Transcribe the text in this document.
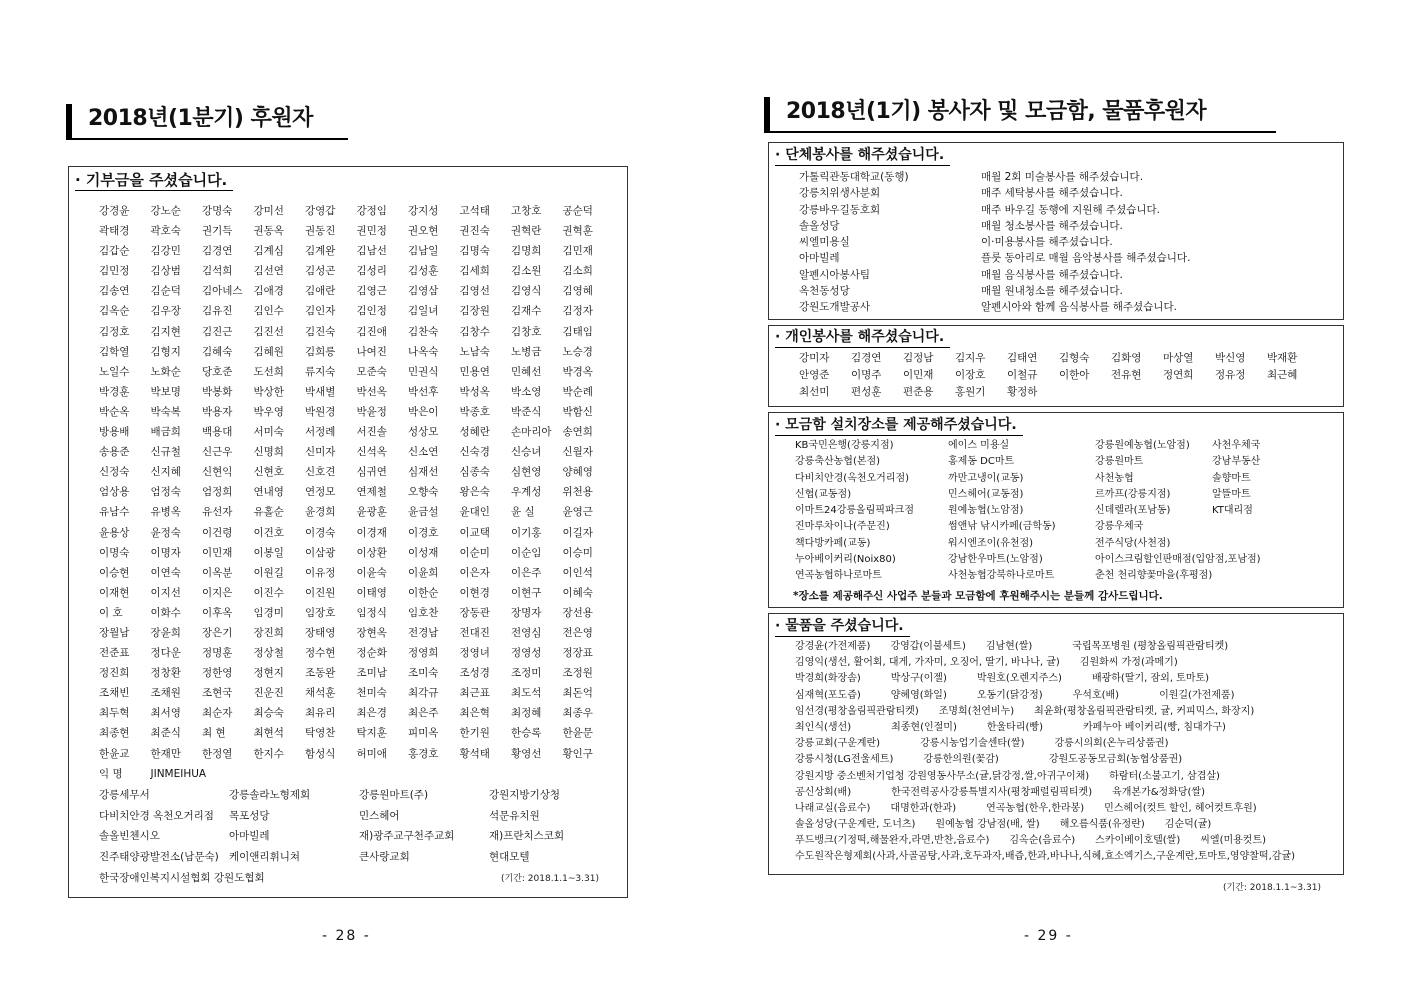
2018년(1분기) 후원자
· 기부금을 주셨습니다.
강경윤	강노순	강명숙	강미선	강영갑	강정임	강지성	고석태	고창호	공순덕
곽태경	곽호숙	권기득	권동옥	권동진	권민정	권오현	권진숙	권혁란	권혁훈
김갑순	김강민	김경연	김계심	김계완	김남선	김남일	김명숙	김명희	김민재
김민정	김상범	김석희	김선연	김성곤	김성리	김성훈	김세희	김소원	김소희
김송연	김순덕	김아네스	김애경	김애란	김영근	김영삼	김영선	김영식	김영혜
김옥순	김우장	김유진	김인수	김인자	김인정	김일녀	김장원	김재수	김정자
김정호	김지현	김진근	김진선	김진숙	김진애	김찬숙	김창수	김창호	김태임
김학열	김형지	김혜숙	김혜원	김희릉	나여진	나옥숙	노남숙	노병금	노승경
노일수	노화순	당호준	도선희	류지숙	모준숙	민권식	민용연	민혜선	박경옥
박경훈	박보명	박봉화	박상한	박새별	박선옥	박선후	박성옥	박소영	박순례
박순옥	박숙복	박용자	박우영	박원경	박윤정	박은이	박종호	박준식	박함신
방용배	배금희	백용대	서미숙	서정례	서진솔	성상모	성혜란	손마리아	송연희
송용준	신규철	신근우	신명희	신미자	신석옥	신소연	신숙경	신승녀	신월자
신정숙	신지혜	신현익	신현호	신호견	심귀연	심재선	심종숙	심현영	양혜영
엄상용	엄정숙	엄정희	연내영	연정모	연제철	오향숙	왕은숙	우계성	위천용
유남수	유병옥	유선자	유홀순	윤경희	윤광훈	윤금설	윤대인	윤 실	윤영근
윤용상	윤정숙	이건령	이건호	이경숙	이경재	이경호	이교택	이기홍	이길자
이명숙	이명자	이민재	이봉일	이삼광	이상환	이성재	이순미	이순임	이승미
이승현	이연숙	이옥분	이원길	이유정	이윤숙	이윤희	이은자	이은주	이인석
이재현	이지선	이지은	이진수	이진원	이태영	이한순	이현경	이현구	이혜숙
이 호	이화수	이후옥	임경미	임장호	임정식	임호찬	장동관	장명자	장선용
장월남	장윤희	장은기	장진희	장태영	장현옥	전경남	전대진	전영심	전은영
전준표	정다운	정명훈	정상철	정수현	정순화	정영희	정영녀	정영성	정장표
정진희	정창환	정한영	정현지	조동완	조미남	조미숙	조성경	조정미	조정원
조채빈	조채원	조현국	진운진	채석훈	천미숙	최각규	최근표	최도석	최돈억
최두혁	최서영	최순자	최승숙	최유리	최은경	최은주	최은혁	최정혜	최종우
최종현	최준식	최 현	최현석	탁영찬	탁지훈	피미옥	한기원	한승록	한윤문
한윤교	한재만	한정열	한지수	함성식	허미애	홍경호	황석태	황영선	황인구
익 명	JINMEIHUA
강릉세무서	강릉솔라노형제회	강릉원마트(주)	강원지방기상청
다비치안경 옥천오거리점	목포성당	민스헤어	석문유치원
솔올빈첸시오	아마빌레	재)광주교구천주교회	재)프란치스코회
진주태양광발전소(남문숙) 케이앤리휘니쳐	큰사랑교회	현대모텔
한국장애인복지시설협회 강원도협회	(기간: 2018.1.1~3.31)
- 28 -
2018년(1기) 봉사자 및 모금함, 물품후원자
· 단체봉사를 해주셨습니다.
가톨릭관동대학교(동행)	매월 2회 미술봉사를 해주셨습니다.
강릉치위생사분회	매주 세탁봉사를 해주셨습니다.
강릉바우길동호회	매주 바우길 동행에 지원해 주셨습니다.
솔올성당	매월 청소봉사를 해주셨습니다.
씨엘미용실	이·미용봉사를 해주셨습니다.
아마빌레	플룻 동아리로 매월 음악봉사를 해주셨습니다.
알펜시아봉사팀	매월 음식봉사를 해주셨습니다.
옥천동성당	매월 원내청소를 해주셨습니다.
강원도개발공사	알펜시아와 함께 음식봉사를 해주셨습니다.
· 개인봉사를 해주셨습니다.
강미자	김경연	김정남	김지우	김태연	김형숙	김화영	마상열	박신영	박재환
안영준	이명주	이민재	이장호	이철규	이한아	전유현	정연희	정유정	최근혜
최선미	편성훈	편준용	홍원기	황정하
· 모금함 설치장소를 제공해주셨습니다.
KB국민은행(강릉지점)	에이스 미용실	강릉원예농협(노암점)	사천우체국
강릉축산농협(본점)	홍제동 DC마트	강릉원마트	강남부동산
다비치안경(옥천오거리점)	까만고냉이(교동)	사천농협	솔향마트
신협(교동점)	민스헤어(교동점)	르까프(강릉지점)	알뜰마트
이마트24강릉올림픽파크점	원예농협(노암점)	신데렐라(포남동)	KT대리점
진마루차이나(주문진)	썸앤낚 낚시카페(금학동)	강릉우체국
책다방카페(교동)	워시엔조이(유천점)	전주식당(사천점)
누아베이커리(Noix80)	강남한우마트(노암점)	아이스크림할인판매점(입암점,포남점)
연곡농협하나로마트	사천농협강북하나로마트	춘천 천리향꽃마을(후평점)
*장소를 제공해주신 사업주 분들과 모금함에 후원해주시는 분들께 감사드립니다.
· 물품을 주셨습니다.
강경윤(가전제품)　　강영갑(이불세트)　　김남현(쌀)　　　　국립목포병원 (평창올림픽관람티켓)
김영익(생선, 활어회, 대게, 가자미, 오징어, 딸기, 바나나, 귤)　　김원화씨 가정(과메기)
박경희(화장솜)　　　박상구(이젤)　　　박원호(오렌지주스)　　　배광하(딸기, 잠외, 토마토)
심재혁(포도즙)　　　양혜영(화일)　　　오동기(닭강정)　　　우석호(배)　　　　이원길(가전제품)
임선경(평창올림픽관람티켓)　　조명희(천연비누)　　최윤화(평창올림픽관람티켓, 귤, 커피믹스, 화장지)
최인식(생선)　　　　최종현(인절미)　　　한울타리(빵)　　　　카페누아 베이커리(빵, 침대가구)
강릉교회(구운계란)　　　　강릉시농업기술센타(쌀)　　　강릉시의회(온누리상품권)
강릉시청(LG전울세트)　　　강릉한의원(꽃감)　　　　　강원도공동모금회(농협상품권)
강원지방 중소벤처기업청 강원영동사무소(귤,닭강정,쌀,아귀구이채)　　하람터(소불고기, 삼겹살)
공신상회(배)　　　　한국전력공사강릉특별지사(평창패럴림픽티켓)　　육개본가&정화당(쌀)
나래교실(음료수)　　대명한과(한과)　　　연곡농협(한우,한라봉)　　민스헤어(컷트 할인, 헤어컷트후원)
솔올성당(구운계란, 도너츠)　　원예농협 강남점(배, 쌀)　　해오름식품(유정란)　　김순덕(귤)
푸드뱅크(기정떡,해물완자,라면,반찬,음료수)　　김옥순(음료수)　　스카이베이호텔(쌀)　　씨엘(미용컷트)
수도원작은형제회(사과,사골곰탕,사과,호두과자,배즙,한과,바나나,식혜,효소엑기스,구운계란,토마토,영양찰떡,감귤)
(기간: 2018.1.1~3.31)
- 29 -
